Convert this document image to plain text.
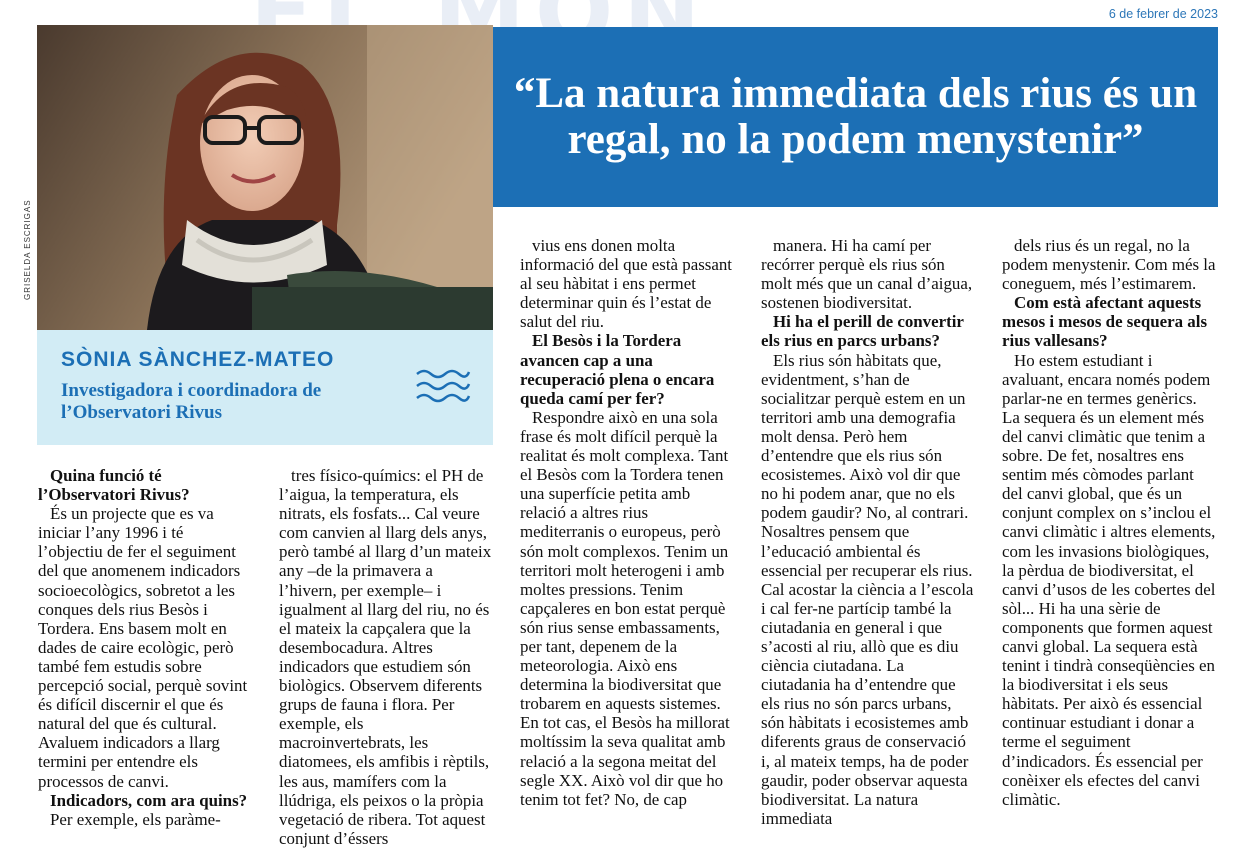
6 de febrer de 2023
GRISELDA ESCRIGAS
“La natura immediata dels rius és un regal, no la podem menystenir”
SÒNIA SÀNCHEZ-MATEO
Investigadora i coordinadora de l’Observatori Rivus

Quina funció té l’Observatori Rivus?

És un projecte que es va iniciar l’any 1996 i té l’objectiu de fer el seguiment del que anomenem indicadors socioecològics, sobretot a les conques dels rius Besòs i Tordera. Ens basem molt en dades de caire ecològic, però també fem estudis sobre percepció social, perquè sovint és difícil discernir el que és natural del que és cultural. Avaluem indicadors a llarg termini per entendre els processos de canvi.

Indicadors, com ara quins?

Per exemple, els paràme-

tres físico-químics: el PH de l’aigua, la temperatura, els nitrats, els fosfats... Cal veure com canvien al llarg dels anys, però també al llarg d’un mateix any –de la primavera a l’hivern, per exemple– i igualment al llarg del riu, no és el mateix la capçalera que la desembocadura. Altres indicadors que estudiem són biològics. Observem diferents grups de fauna i flora. Per exemple, els macroinvertebrats, les diatomees, els amfibis i rèptils, les aus, mamífers com la llúdriga, els peixos o la pròpia vegetació de ribera. Tot aquest conjunt d’éssers

vius ens donen molta informació del que està passant al seu hàbitat i ens permet determinar quin és l’estat de salut del riu.

El Besòs i la Tordera avancen cap a una recuperació plena o encara queda camí per fer?

Respondre això en una sola frase és molt difícil perquè la realitat és molt complexa. Tant el Besòs com la Tordera tenen una superfície petita amb relació a altres rius mediterranis o europeus, però són molt complexos. Tenim un territori molt heterogeni i amb moltes pressions. Tenim capçaleres en bon estat perquè són rius sense embassaments, per tant, depenem de la meteorologia. Això ens determina la biodiversitat que trobarem en aquests sistemes. En tot cas, el Besòs ha millorat moltíssim la seva qualitat amb relació a la segona meitat del segle XX. Això vol dir que ho tenim tot fet? No, de cap

manera. Hi ha camí per recórrer perquè els rius són molt més que un canal d’aigua, sostenen biodiversitat.

Hi ha el perill de convertir els rius en parcs urbans?

Els rius són hàbitats que, evidentment, s’han de socialitzar perquè estem en un territori amb una demografia molt densa. Però hem d’entendre que els rius són ecosistemes. Això vol dir que no hi podem anar, que no els podem gaudir? No, al contrari. Nosaltres pensem que l’educació ambiental és essencial per recuperar els rius. Cal acostar la ciència a l’escola i cal fer-ne partícip també la ciutadania en general i que s’acosti al riu, allò que es diu ciència ciutadana. La ciutadania ha d’entendre que els rius no són parcs urbans, són hàbitats i ecosistemes amb diferents graus de conservació i, al mateix temps, ha de poder gaudir, poder observar aquesta biodiversitat. La natura immediata

dels rius és un regal, no la podem menystenir. Com més la coneguem, més l’estimarem.

Com està afectant aquests mesos i mesos de sequera als rius vallesans?

Ho estem estudiant i avaluant, encara només podem parlar-ne en termes genèrics. La sequera és un element més del canvi climàtic que tenim a sobre. De fet, nosaltres ens sentim més còmodes parlant del canvi global, que és un conjunt complex on s’inclou el canvi climàtic i altres elements, com les invasions biològiques, la pèrdua de biodiversitat, el canvi d’usos de les cobertes del sòl... Hi ha una sèrie de components que formen aquest canvi global. La sequera està tenint i tindrà conseqüències en la biodiversitat i els seus hàbitats. Per això és essencial continuar estudiant i donar a terme el seguiment d’indicadors. És essencial per conèixer els efectes del canvi climàtic.
